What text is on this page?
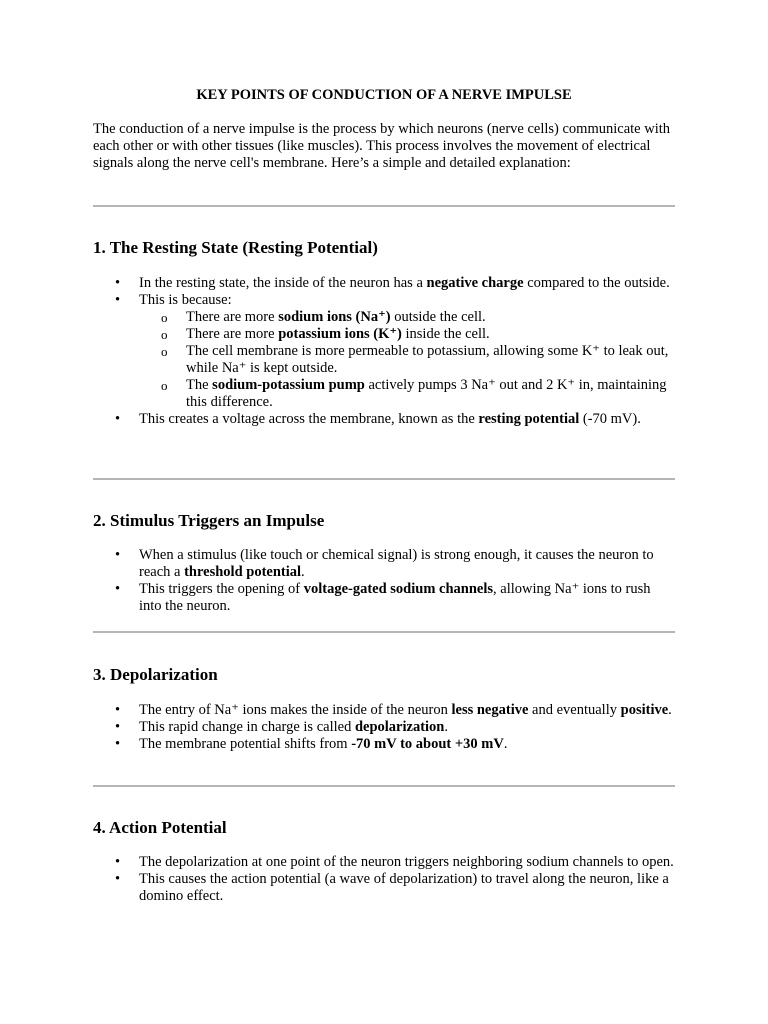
KEY POINTS OF CONDUCTION OF A NERVE IMPULSE

The conduction of a nerve impulse is the process by which neurons (nerve cells) communicate with each other or with other tissues (like muscles). This process involves the movement of electrical signals along the nerve cell's membrane. Here’s a simple and detailed explanation:

1. The Resting State (Resting Potential)
• In the resting state, the inside of the neuron has a negative charge compared to the outside.
• This is because:
o There are more sodium ions (Na⁺) outside the cell.
o There are more potassium ions (K⁺) inside the cell.
o The cell membrane is more permeable to potassium, allowing some K⁺ to leak out, while Na⁺ is kept outside.
o The sodium-potassium pump actively pumps 3 Na⁺ out and 2 K⁺ in, maintaining this difference.
• This creates a voltage across the membrane, known as the resting potential (-70 mV).
2. Stimulus Triggers an Impulse
• When a stimulus (like touch or chemical signal) is strong enough, it causes the neuron to reach a threshold potential.
• This triggers the opening of voltage-gated sodium channels, allowing Na⁺ ions to rush into the neuron.
3. Depolarization
• The entry of Na⁺ ions makes the inside of the neuron less negative and eventually positive.
• This rapid change in charge is called depolarization.
• The membrane potential shifts from -70 mV to about +30 mV.
4. Action Potential
• The depolarization at one point of the neuron triggers neighboring sodium channels to open.
• This causes the action potential (a wave of depolarization) to travel along the neuron, like a domino effect.
